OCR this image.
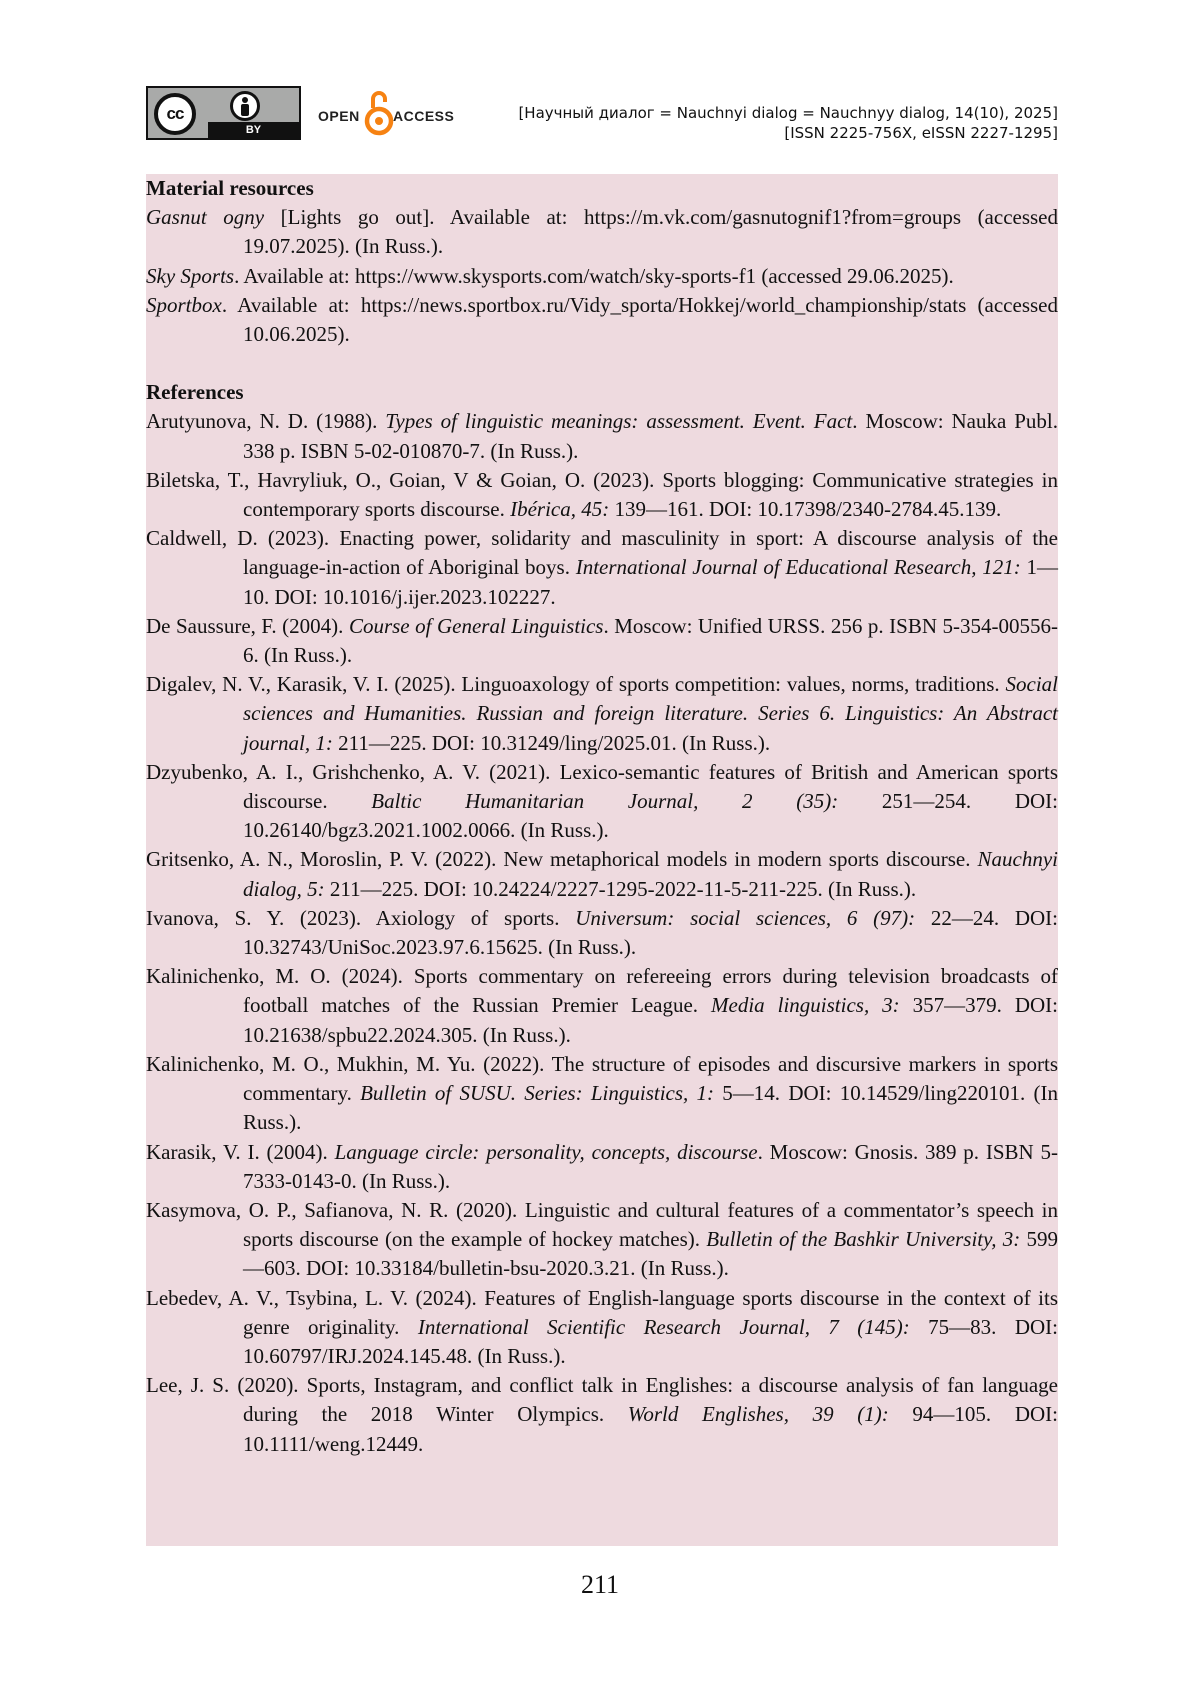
cc
BY
OPEN ACCESS	[Научный диалог = Nauchnyi dialog = Nauchnyy dialog, 14(10), 2025]
[ISSN 2225-756X, eISSN 2227-1295]
Material resources

Gasnut ogny [Lights go out]. Available at: https://m.vk.com/gasnutognif1?from=groups (accessed 19.07.2025). (In Russ.).

Sky Sports. Available at: https://www.skysports.com/watch/sky-sports-f1 (accessed 29.06.2025).

Sportbox. Available at: https://news.sportbox.ru/Vidy_sporta/Hokkej/world_championship/stats (accessed 10.06.2025).

References

Arutyunova, N. D. (1988). Types of linguistic meanings: assessment. Event. Fact. Moscow: Nauka Publ. 338 p. ISBN 5-02-010870-7. (In Russ.).

Biletska, T., Havryliuk, O., Goian, V & Goian, O. (2023). Sports blogging: Communicative strategies in contemporary sports discourse. Ibérica, 45: 139—161. DOI: 10.17398/2340-2784.45.139.

Caldwell, D. (2023). Enacting power, solidarity and masculinity in sport: A discourse analysis of the language-in-action of Aboriginal boys. International Journal of Educational Research, 121: 1—10. DOI: 10.1016/j.ijer.2023.102227.

De Saussure, F. (2004). Course of General Linguistics. Moscow: Unified URSS. 256 p. ISBN 5-354-00556-6. (In Russ.).

Digalev, N. V., Karasik, V. I. (2025). Linguoaxology of sports competition: values, norms, traditions. Social sciences and Humanities. Russian and foreign literature. Series 6. Linguistics: An Abstract journal, 1: 211—225. DOI: 10.31249/ling/2025.01. (In Russ.).

Dzyubenko, A. I., Grishchenko, A. V. (2021). Lexico-semantic features of British and American sports discourse. Baltic Humanitarian Journal, 2 (35): 251—254. DOI: 10.26140/bgz3.2021.1002.0066. (In Russ.).

Gritsenko, A. N., Moroslin, P. V. (2022). New metaphorical models in modern sports discourse. Nauchnyi dialog, 5: 211—225. DOI: 10.24224/2227-1295-2022-11-5-211-225. (In Russ.).

Ivanova, S. Y. (2023). Axiology of sports. Universum: social sciences, 6 (97): 22—24. DOI: 10.32743/UniSoc.2023.97.6.15625. (In Russ.).

Kalinichenko, M. O. (2024). Sports commentary on refereeing errors during television broadcasts of football matches of the Russian Premier League. Media linguistics, 3: 357—379. DOI: 10.21638/spbu22.2024.305. (In Russ.).

Kalinichenko, M. O., Mukhin, M. Yu. (2022). The structure of episodes and discursive markers in sports commentary. Bulletin of SUSU. Series: Linguistics, 1: 5—14. DOI: 10.14529/ling220101. (In Russ.).

Karasik, V. I. (2004). Language circle: personality, concepts, discourse. Moscow: Gnosis. 389 p. ISBN 5-7333-0143-0. (In Russ.).

Kasymova, O. P., Safianova, N. R. (2020). Linguistic and cultural features of a commentator’s speech in sports discourse (on the example of hockey matches). Bulletin of the Bashkir University, 3: 599—603. DOI: 10.33184/bulletin-bsu-2020.3.21. (In Russ.).

Lebedev, A. V., Tsybina, L. V. (2024). Features of English-language sports discourse in the context of its genre originality. International Scientific Research Journal, 7 (145): 75—83. DOI: 10.60797/IRJ.2024.145.48. (In Russ.).

Lee, J. S. (2020). Sports, Instagram, and conflict talk in Englishes: a discourse analysis of fan language during the 2018 Winter Olympics. World Englishes, 39 (1): 94—105. DOI: 10.1111/weng.12449.

211
